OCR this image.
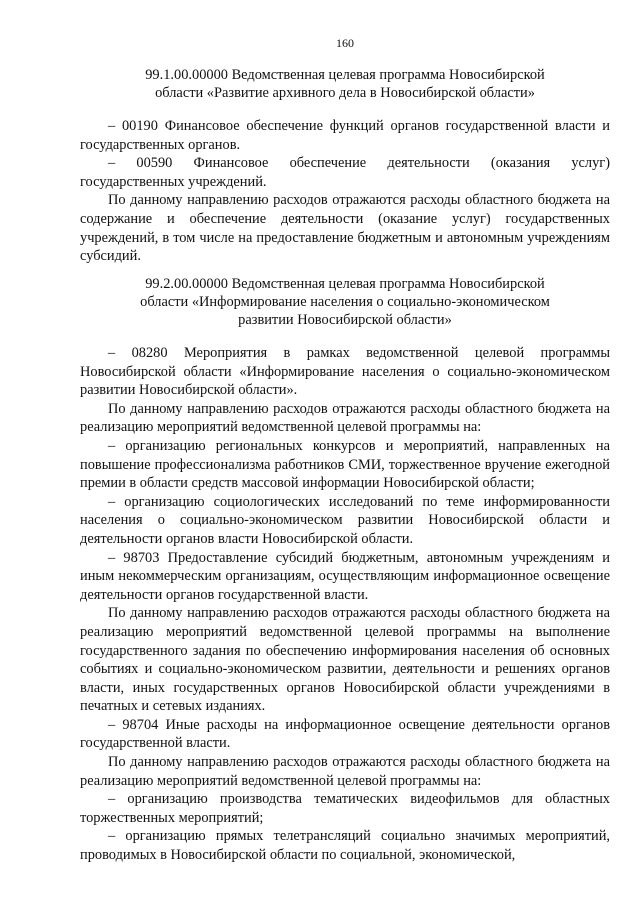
160
99.1.00.00000 Ведомственная целевая программа Новосибирской
области «Развитие архивного дела в Новосибирской области»

– 00190 Финансовое обеспечение функций органов государственной власти и государственных органов.

– 00590 Финансовое обеспечение деятельности (оказания услуг) государственных учреждений.

По данному направлению расходов отражаются расходы областного бюджета на содержание и обеспечение деятельности (оказание услуг) государственных учреждений, в том числе на предоставление бюджетным и автономным учреждениям субсидий.

99.2.00.00000 Ведомственная целевая программа Новосибирской
области «Информирование населения о социально-экономическом
развитии Новосибирской области»

– 08280 Мероприятия в рамках ведомственной целевой программы Новосибирской области «Информирование населения о социально-экономическом развитии Новосибирской области».

По данному направлению расходов отражаются расходы областного бюджета на реализацию мероприятий ведомственной целевой программы на:

– организацию региональных конкурсов и мероприятий, направленных на повышение профессионализма работников СМИ, торжественное вручение ежегодной премии в области средств массовой информации Новосибирской области;

– организацию социологических исследований по теме информированности населения о социально-экономическом развитии Новосибирской области и деятельности органов власти Новосибирской области.

– 98703 Предоставление субсидий бюджетным, автономным учреждениям и иным некоммерческим организациям, осуществляющим информационное освещение деятельности органов государственной власти.

По данному направлению расходов отражаются расходы областного бюджета на реализацию мероприятий ведомственной целевой программы на выполнение государственного задания по обеспечению информирования населения об основных событиях и социально-экономическом развитии, деятельности и решениях органов власти, иных государственных органов Новосибирской области учреждениями в печатных и сетевых изданиях.

– 98704 Иные расходы на информационное освещение деятельности органов государственной власти.

По данному направлению расходов отражаются расходы областного бюджета на реализацию мероприятий ведомственной целевой программы на:

– организацию производства тематических видеофильмов для областных торжественных мероприятий;

– организацию прямых телетрансляций социально значимых мероприятий, проводимых в Новосибирской области по социальной, экономической,
